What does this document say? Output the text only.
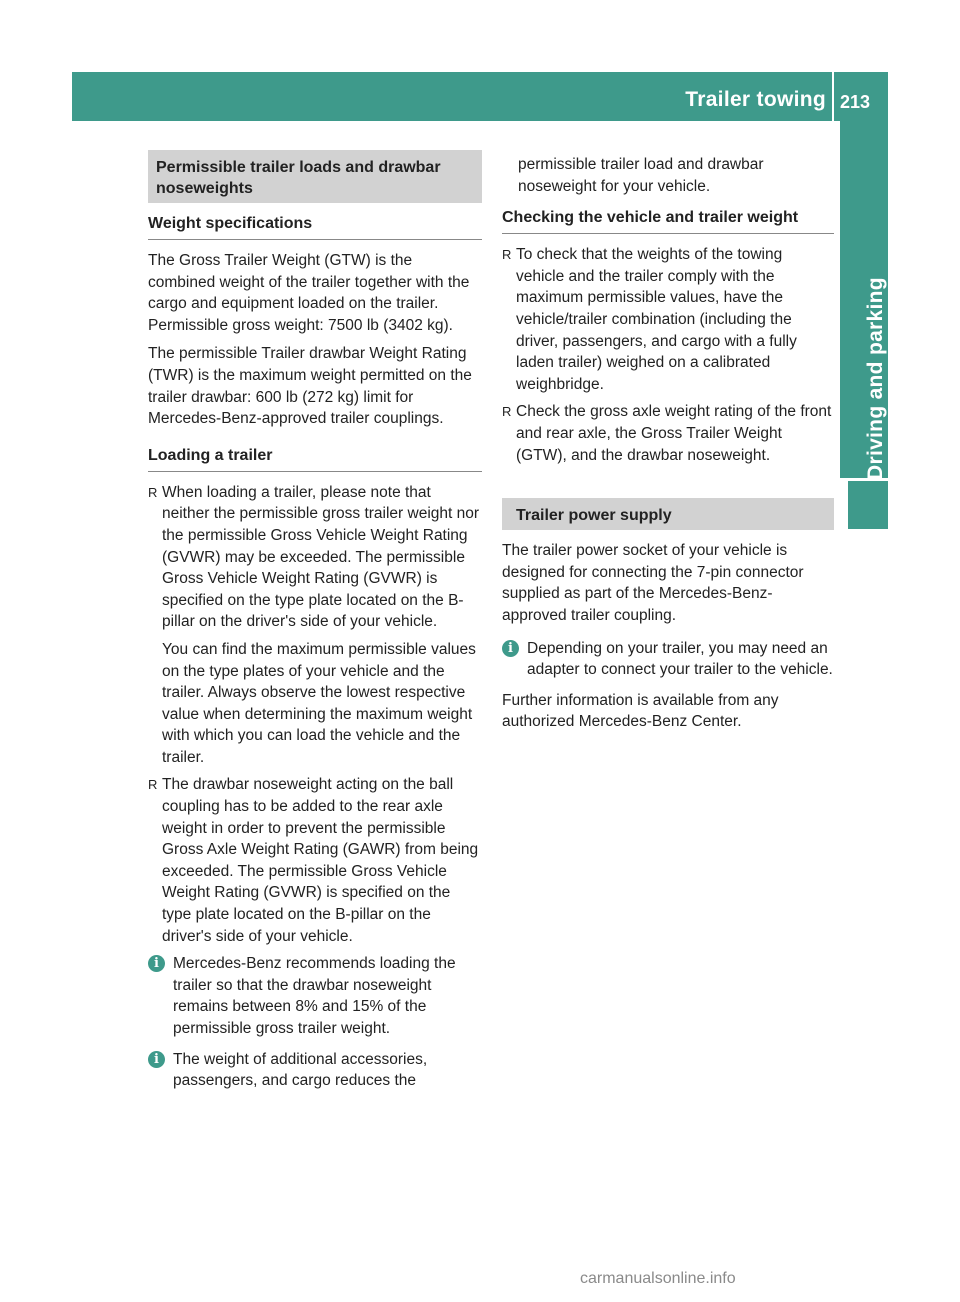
Trailer towing 213
Driving and parking
Permissible trailer loads and drawbar noseweights
Weight specifications

The Gross Trailer Weight (GTW) is the combined weight of the trailer together with the cargo and equipment loaded on the trailer. Permissible gross weight: 7500 lb (3402 kg).

The permissible Trailer drawbar Weight Rating (TWR) is the maximum weight permitted on the trailer drawbar: 600 lb (272 kg) limit for Mercedes-Benz-approved trailer couplings.

Loading a trailer
R When loading a trailer, please note that neither the permissible gross trailer weight nor the permissible Gross Vehicle Weight Rating (GVWR) may be exceeded. The permissible Gross Vehicle Weight Rating (GVWR) is specified on the type plate located on the B-pillar on the driver's side of your vehicle.

You can find the maximum permissible values on the type plates of your vehicle and the trailer. Always observe the lowest respective value when determining the maximum weight with which you can load the vehicle and the trailer.

R The drawbar noseweight acting on the ball coupling has to be added to the rear axle weight in order to prevent the permissible Gross Axle Weight Rating (GAWR) from being exceeded. The permissible Gross Vehicle Weight Rating (GVWR) is specified on the type plate located on the B-pillar on the driver's side of your vehicle.

i Mercedes-Benz recommends loading the trailer so that the drawbar noseweight remains between 8% and 15% of the permissible gross trailer weight.
i The weight of additional accessories, passengers, and cargo reduces the

permissible trailer load and drawbar noseweight for your vehicle.

Checking the vehicle and trailer weight
R To check that the weights of the towing vehicle and the trailer comply with the maximum permissible values, have the vehicle/trailer combination (including the driver, passengers, and cargo with a fully laden trailer) weighed on a calibrated weighbridge.

R Check the gross axle weight rating of the front and rear axle, the Gross Trailer Weight (GTW), and the drawbar noseweight.

Trailer power supply

The trailer power socket of your vehicle is designed for connecting the 7-pin connector supplied as part of the Mercedes-Benz-approved trailer coupling.

i Depending on your trailer, you may need an adapter to connect your trailer to the vehicle.

Further information is available from any authorized Mercedes-Benz Center.

carmanualsonline.info
